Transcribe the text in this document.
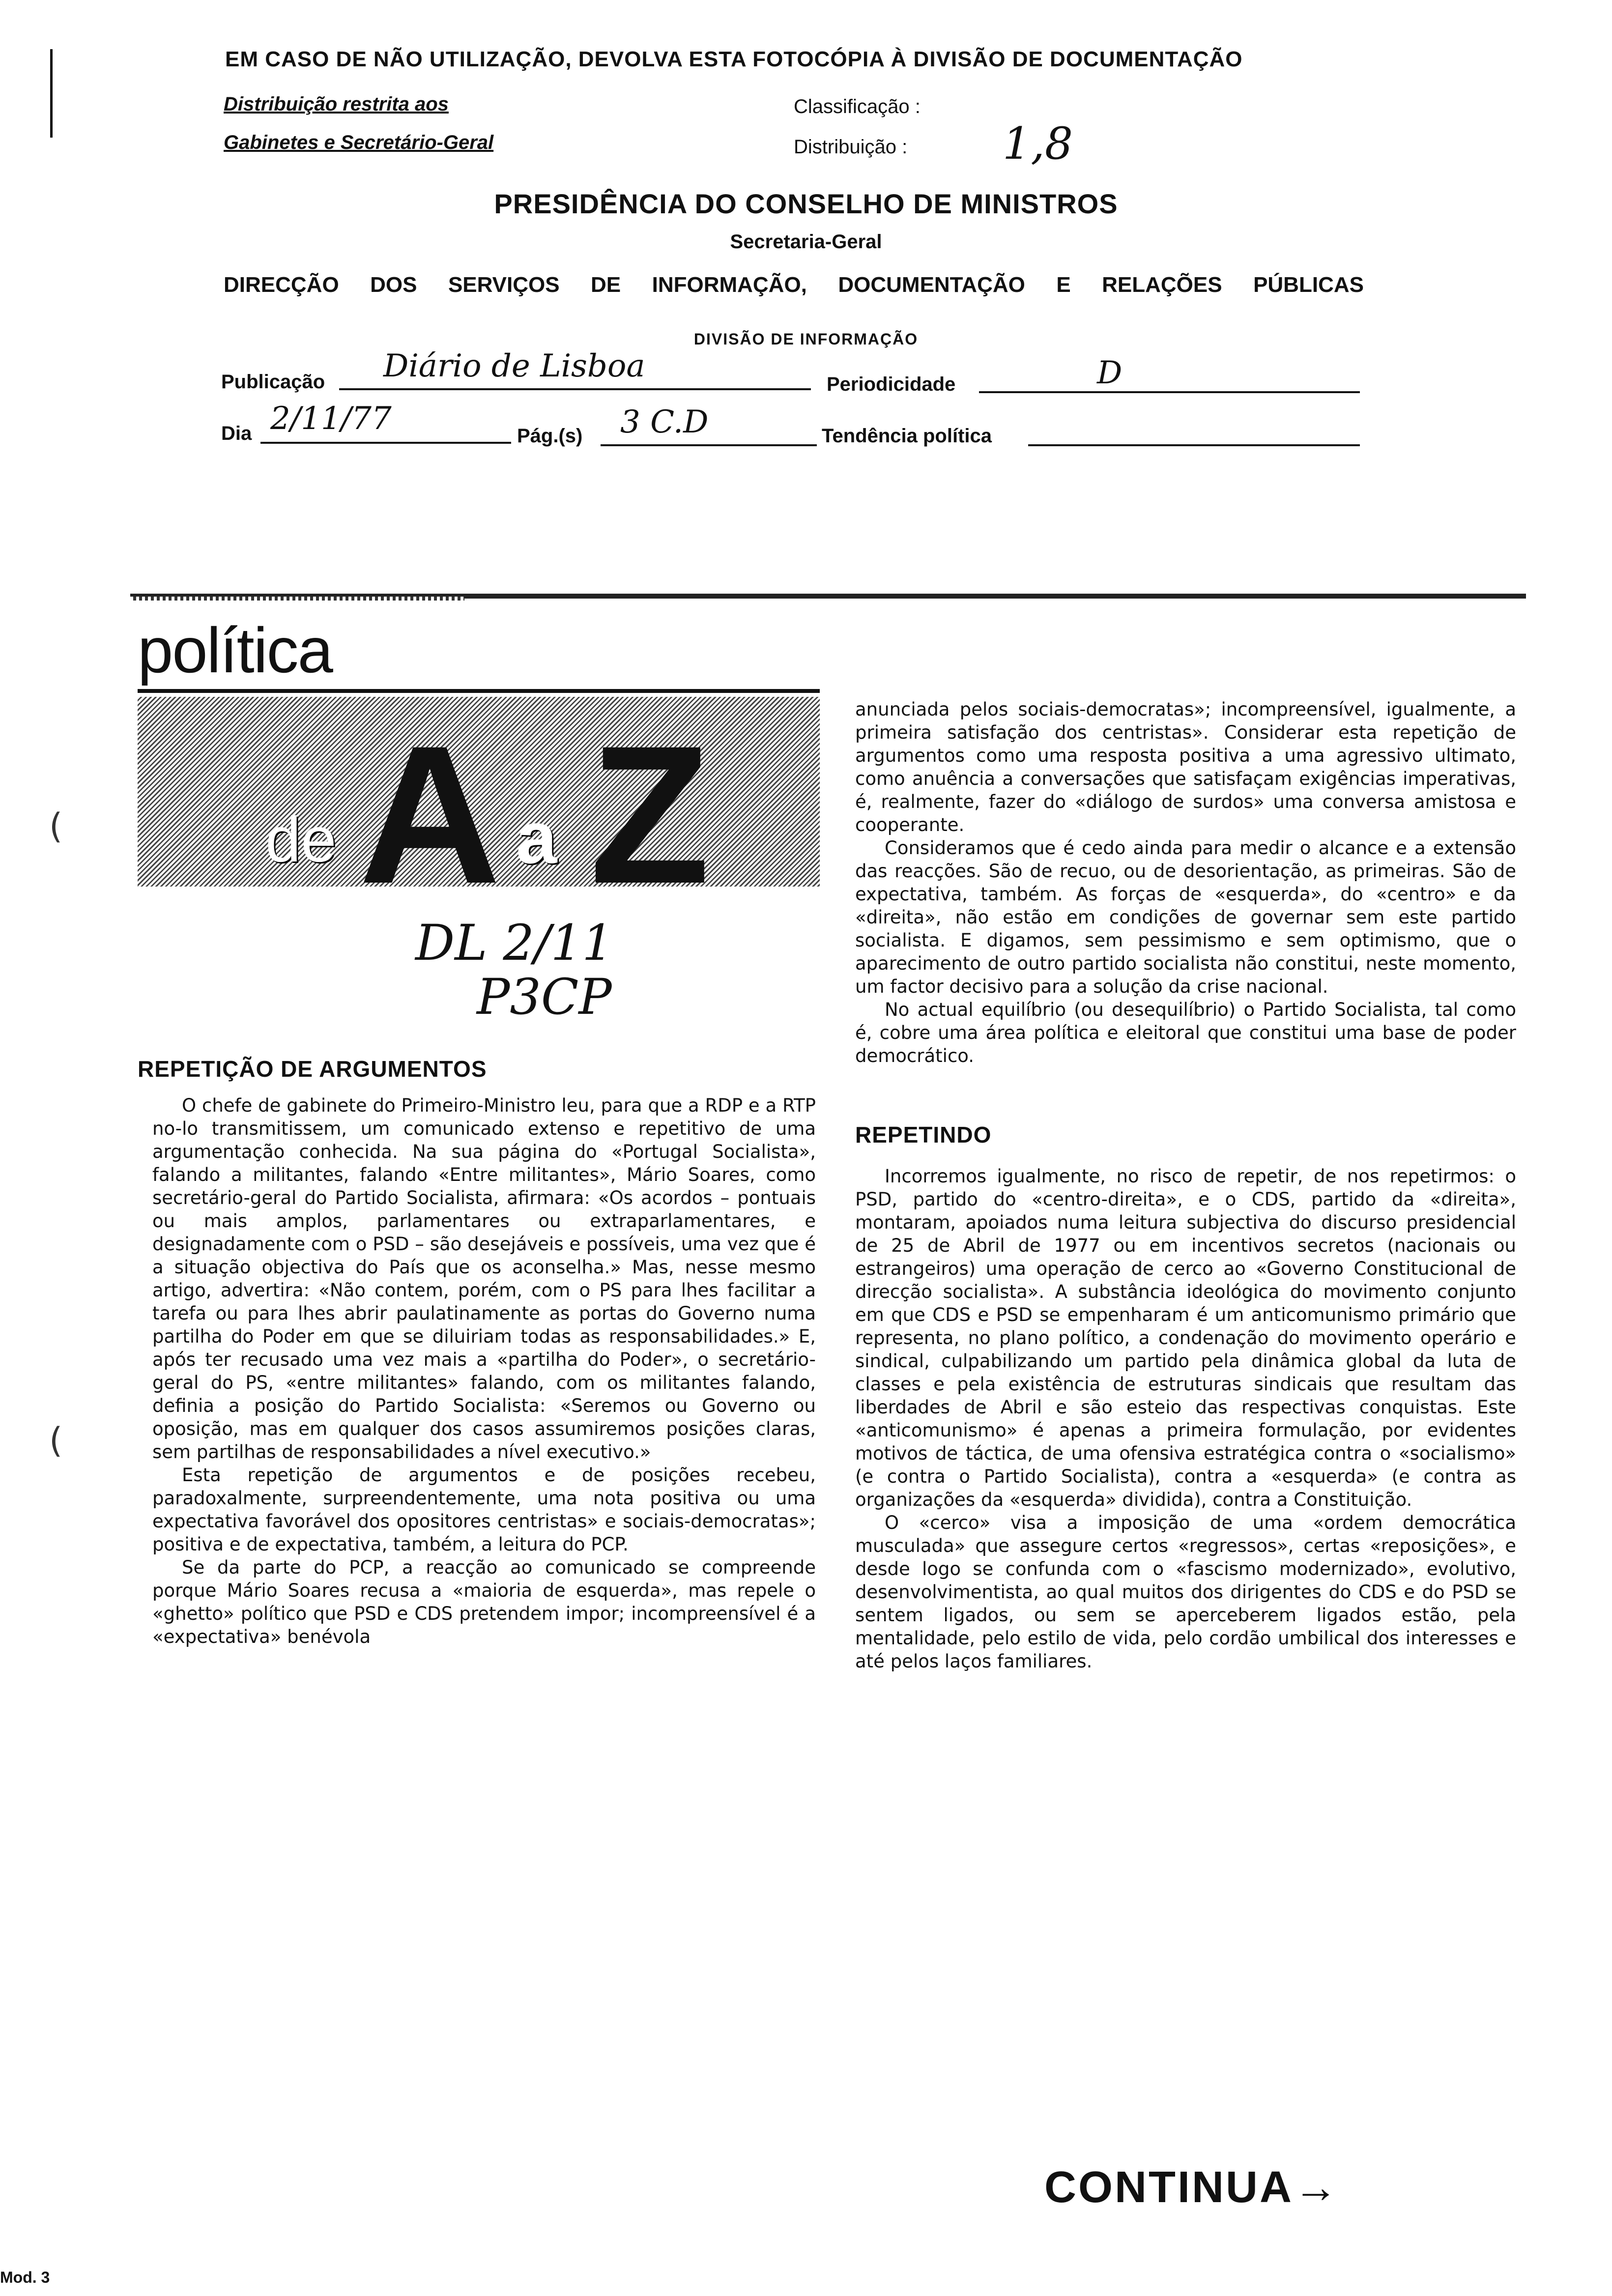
(
(
EM CASO DE NÃO UTILIZAÇÃO, DEVOLVA ESTA FOTOCÓPIA À DIVISÃO DE DOCUMENTAÇÃO
Distribuição restrita aos
Gabinetes e Secretário-Geral
Classificação :
Distribuição : 1,8
PRESIDÊNCIA DO CONSELHO DE MINISTROS
Secretaria-Geral
DIRECÇÃO DOS SERVIÇOS DE INFORMAÇÃO, DOCUMENTAÇÃO E RELAÇÕES PÚBLICAS
DIVISÃO DE INFORMAÇÃO
Publicação Diário de Lisboa	Periodicidade	D
Dia 2/11/77	Pág.(s) 3 C.D	Tendência política
política
de A a Z
DL 2/11
P3CP
REPETIÇÃO DE ARGUMENTOS

O chefe de gabinete do Primeiro-Ministro leu, para que a RDP e a RTP no-lo transmitissem, um comunicado extenso e repetitivo de uma argumentação conhecida. Na sua página do «Portugal Socialista», falando a militantes, falando «Entre militantes», Mário Soares, como secretário-geral do Partido Socialista, afirmara: «Os acordos – pontuais ou mais amplos, parlamentares ou extraparlamentares, e designadamente com o PSD – são desejáveis e possíveis, uma vez que é a situação objectiva do País que os aconselha.» Mas, nesse mesmo artigo, advertira: «Não contem, porém, com o PS para lhes facilitar a tarefa ou para lhes abrir paulatinamente as portas do Governo numa partilha do Poder em que se diluiriam todas as responsabilidades.» E, após ter recusado uma vez mais a «partilha do Poder», o secretário-geral do PS, «entre militantes» falando, com os militantes falando, definia a posição do Partido Socialista: «Seremos ou Governo ou oposição, mas em qualquer dos casos assumiremos posições claras, sem partilhas de responsabilidades a nível executivo.»

Esta repetição de argumentos e de posições recebeu, paradoxalmente, surpreendentemente, uma nota positiva ou uma expectativa favorável dos opositores centristas» e sociais-democratas»; positiva e de expectativa, também, a leitura do PCP.

Se da parte do PCP, a reacção ao comunicado se compreende porque Mário Soares recusa a «maioria de esquerda», mas repele o «ghetto» político que PSD e CDS pretendem impor; incompreensível é a «expectativa» benévola

anunciada pelos sociais-democratas»; incompreensível, igualmente, a primeira satisfação dos centristas». Considerar esta repetição de argumentos como uma resposta positiva a uma agressivo ultimato, como anuência a conversações que satisfaçam exigências imperativas, é, realmente, fazer do «diálogo de surdos» uma conversa amistosa e cooperante.

Consideramos que é cedo ainda para medir o alcance e a extensão das reacções. São de recuo, ou de desorientação, as primeiras. São de expectativa, também. As forças de «esquerda», do «centro» e da «direita», não estão em condições de governar sem este partido socialista. E digamos, sem pessimismo e sem optimismo, que o aparecimento de outro partido socialista não constitui, neste momento, um factor decisivo para a solução da crise nacional.

No actual equilíbrio (ou desequilíbrio) o Partido Socialista, tal como é, cobre uma área política e eleitoral que constitui uma base de poder democrático.

REPETINDO

Incorremos igualmente, no risco de repetir, de nos repetirmos: o PSD, partido do «centro-direita», e o CDS, partido da «direita», montaram, apoiados numa leitura subjectiva do discurso presidencial de 25 de Abril de 1977 ou em incentivos secretos (nacionais ou estrangeiros) uma operação de cerco ao «Governo Constitucional de direcção socialista». A substância ideológica do movimento conjunto em que CDS e PSD se empenharam é um anticomunismo primário que representa, no plano político, a condenação do movimento operário e sindical, culpabilizando um partido pela dinâmica global da luta de classes e pela existência de estruturas sindicais que resultam das liberdades de Abril e são esteio das respectivas conquistas. Este «anticomunismo» é apenas a primeira formulação, por evidentes motivos de táctica, de uma ofensiva estratégica contra o «socialismo» (e contra o Partido Socialista), contra a «esquerda» (e contra as organizações da «esquerda» dividida), contra a Constituição.

O «cerco» visa a imposição de uma «ordem democrática musculada» que assegure certos «regressos», certas «reposições», e desde logo se confunda com o «fascismo modernizado», evolutivo, desenvolvimentista, ao qual muitos dos dirigentes do CDS e do PSD se sentem ligados, ou sem se aperceberem ligados estão, pela mentalidade, pelo estilo de vida, pelo cordão umbilical dos interesses e até pelos laços familiares.

CONTINUA→
Mod. 3
